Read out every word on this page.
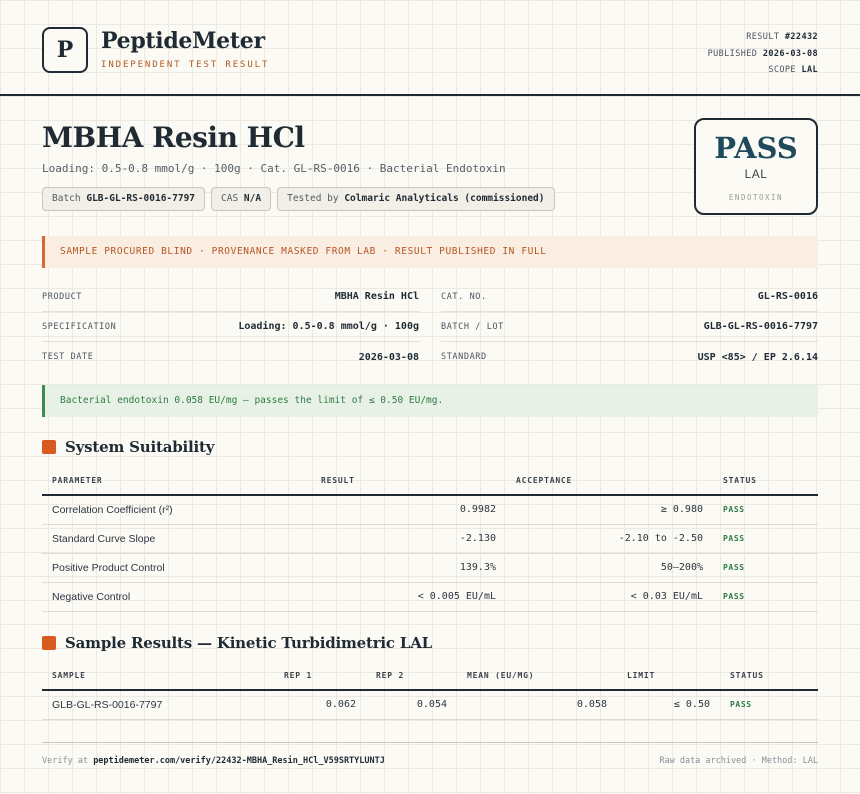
P	PeptideMeter
INDEPENDENT TEST RESULT
RESULT #22432
PUBLISHED 2026-03-08
SCOPE LAL
MBHA Resin HCl
Loading: 0.5-0.8 mmol/g · 100g · Cat. GL-RS-0016 · Bacterial Endotoxin
Batch GLB-GL-RS-0016-7797	CAS N/A	Tested by Colmaric Analyticals (commissioned)
PASS
LAL
ENDOTOXIN
SAMPLE PROCURED BLIND · PROVENANCE MASKED FROM LAB · RESULT PUBLISHED IN FULL
PRODUCT	MBHA Resin HCl	CAT. NO.	GL-RS-0016
SPECIFICATION	Loading: 0.5-0.8 mmol/g · 100g	BATCH / LOT	GLB-GL-RS-0016-7797
TEST DATE	2026-03-08	STANDARD	USP <85> / EP 2.6.14
Bacterial endotoxin 0.058 EU/mg — passes the limit of ≤ 0.50 EU/mg.
System Suitability
PARAMETER	RESULT	ACCEPTANCE	STATUS
Correlation Coefficient (r²)	0.9982	≥ 0.980	PASS
Standard Curve Slope	-2.130	-2.10 to -2.50	PASS
Positive Product Control	139.3%	50–200%	PASS
Negative Control	< 0.005 EU/mL	< 0.03 EU/mL	PASS
Sample Results — Kinetic Turbidimetric LAL
SAMPLE	REP 1	REP 2	MEAN (EU/MG)	LIMIT	STATUS
GLB-GL-RS-0016-7797	0.062	0.054	0.058	≤ 0.50	PASS
Verify at peptidemeter.com/verify/22432-MBHA_Resin_HCl_V59SRTYLUNTJ	Raw data archived · Method: LAL
